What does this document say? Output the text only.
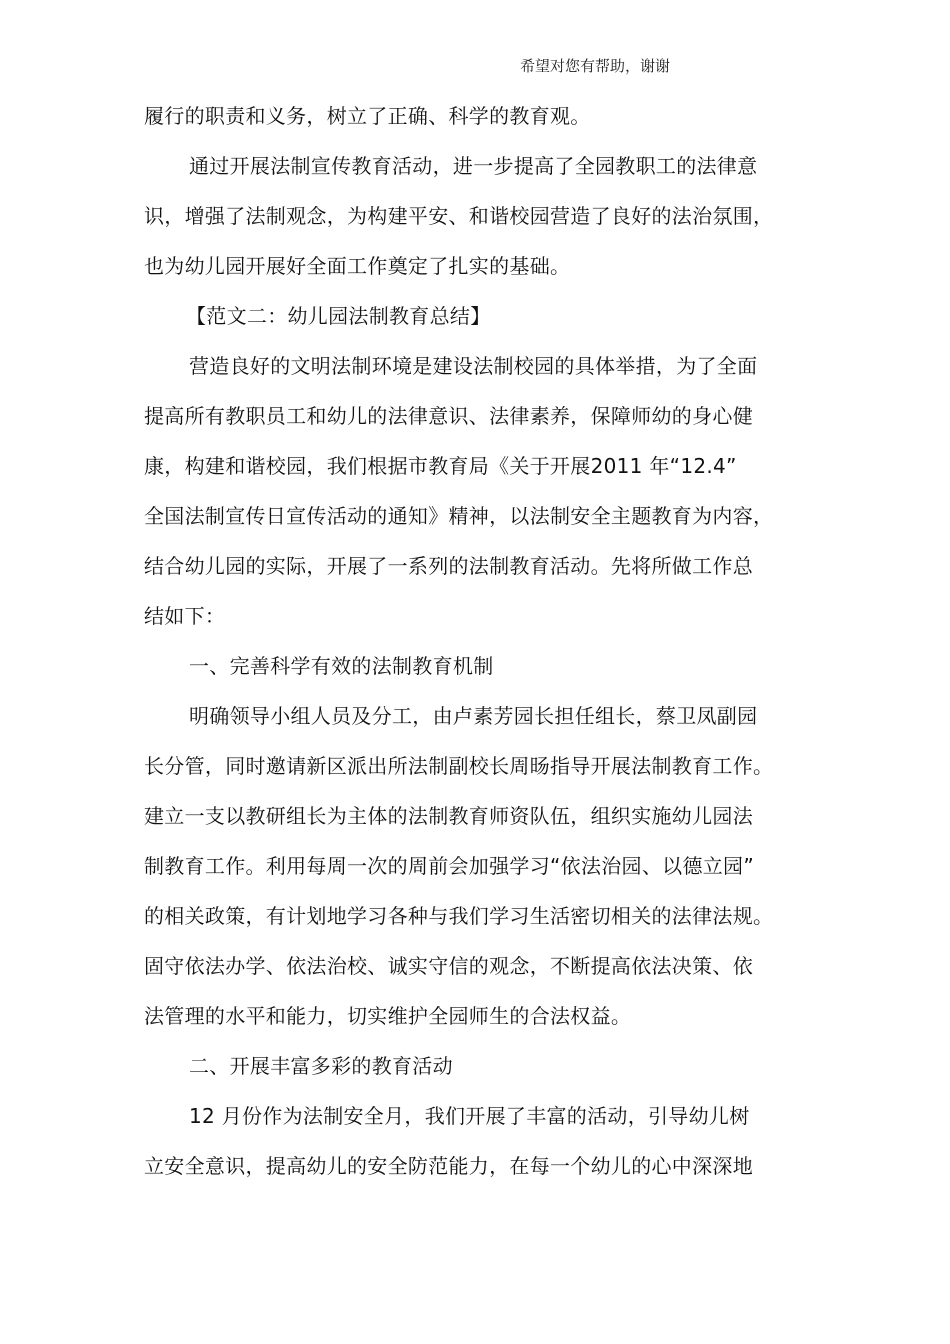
希望对您有帮助，谢谢
履行的职责和义务，树立了正确、科学的教育观。
通过开展法制宣传教育活动，进一步提高了全园教职工的法律意
识，增强了法制观念，为构建平安、和谐校园营造了良好的法治氛围，
也为幼儿园开展好全面工作奠定了扎实的基础。
【范文二：幼儿园法制教育总结】
营造良好的文明法制环境是建设法制校园的具体举措，为了全面
提高所有教职员工和幼儿的法律意识、法律素养，保障师幼的身心健
康，构建和谐校园，我们根据市教育局《关于开展2011 年“12.4”
全国法制宣传日宣传活动的通知》精神，以法制安全主题教育为内容，
结合幼儿园的实际，开展了一系列的法制教育活动。先将所做工作总
结如下：
一、完善科学有效的法制教育机制
明确领导小组人员及分工，由卢素芳园长担任组长，蔡卫凤副园
长分管，同时邀请新区派出所法制副校长周旸指导开展法制教育工作。
建立一支以教研组长为主体的法制教育师资队伍，组织实施幼儿园法
制教育工作。利用每周一次的周前会加强学习“依法治园、以德立园”
的相关政策，有计划地学习各种与我们学习生活密切相关的法律法规。
固守依法办学、依法治校、诚实守信的观念，不断提高依法决策、依
法管理的水平和能力，切实维护全园师生的合法权益。
二、开展丰富多彩的教育活动
12 月份作为法制安全月，我们开展了丰富的活动，引导幼儿树
立安全意识，提高幼儿的安全防范能力，在每一个幼儿的心中深深地
